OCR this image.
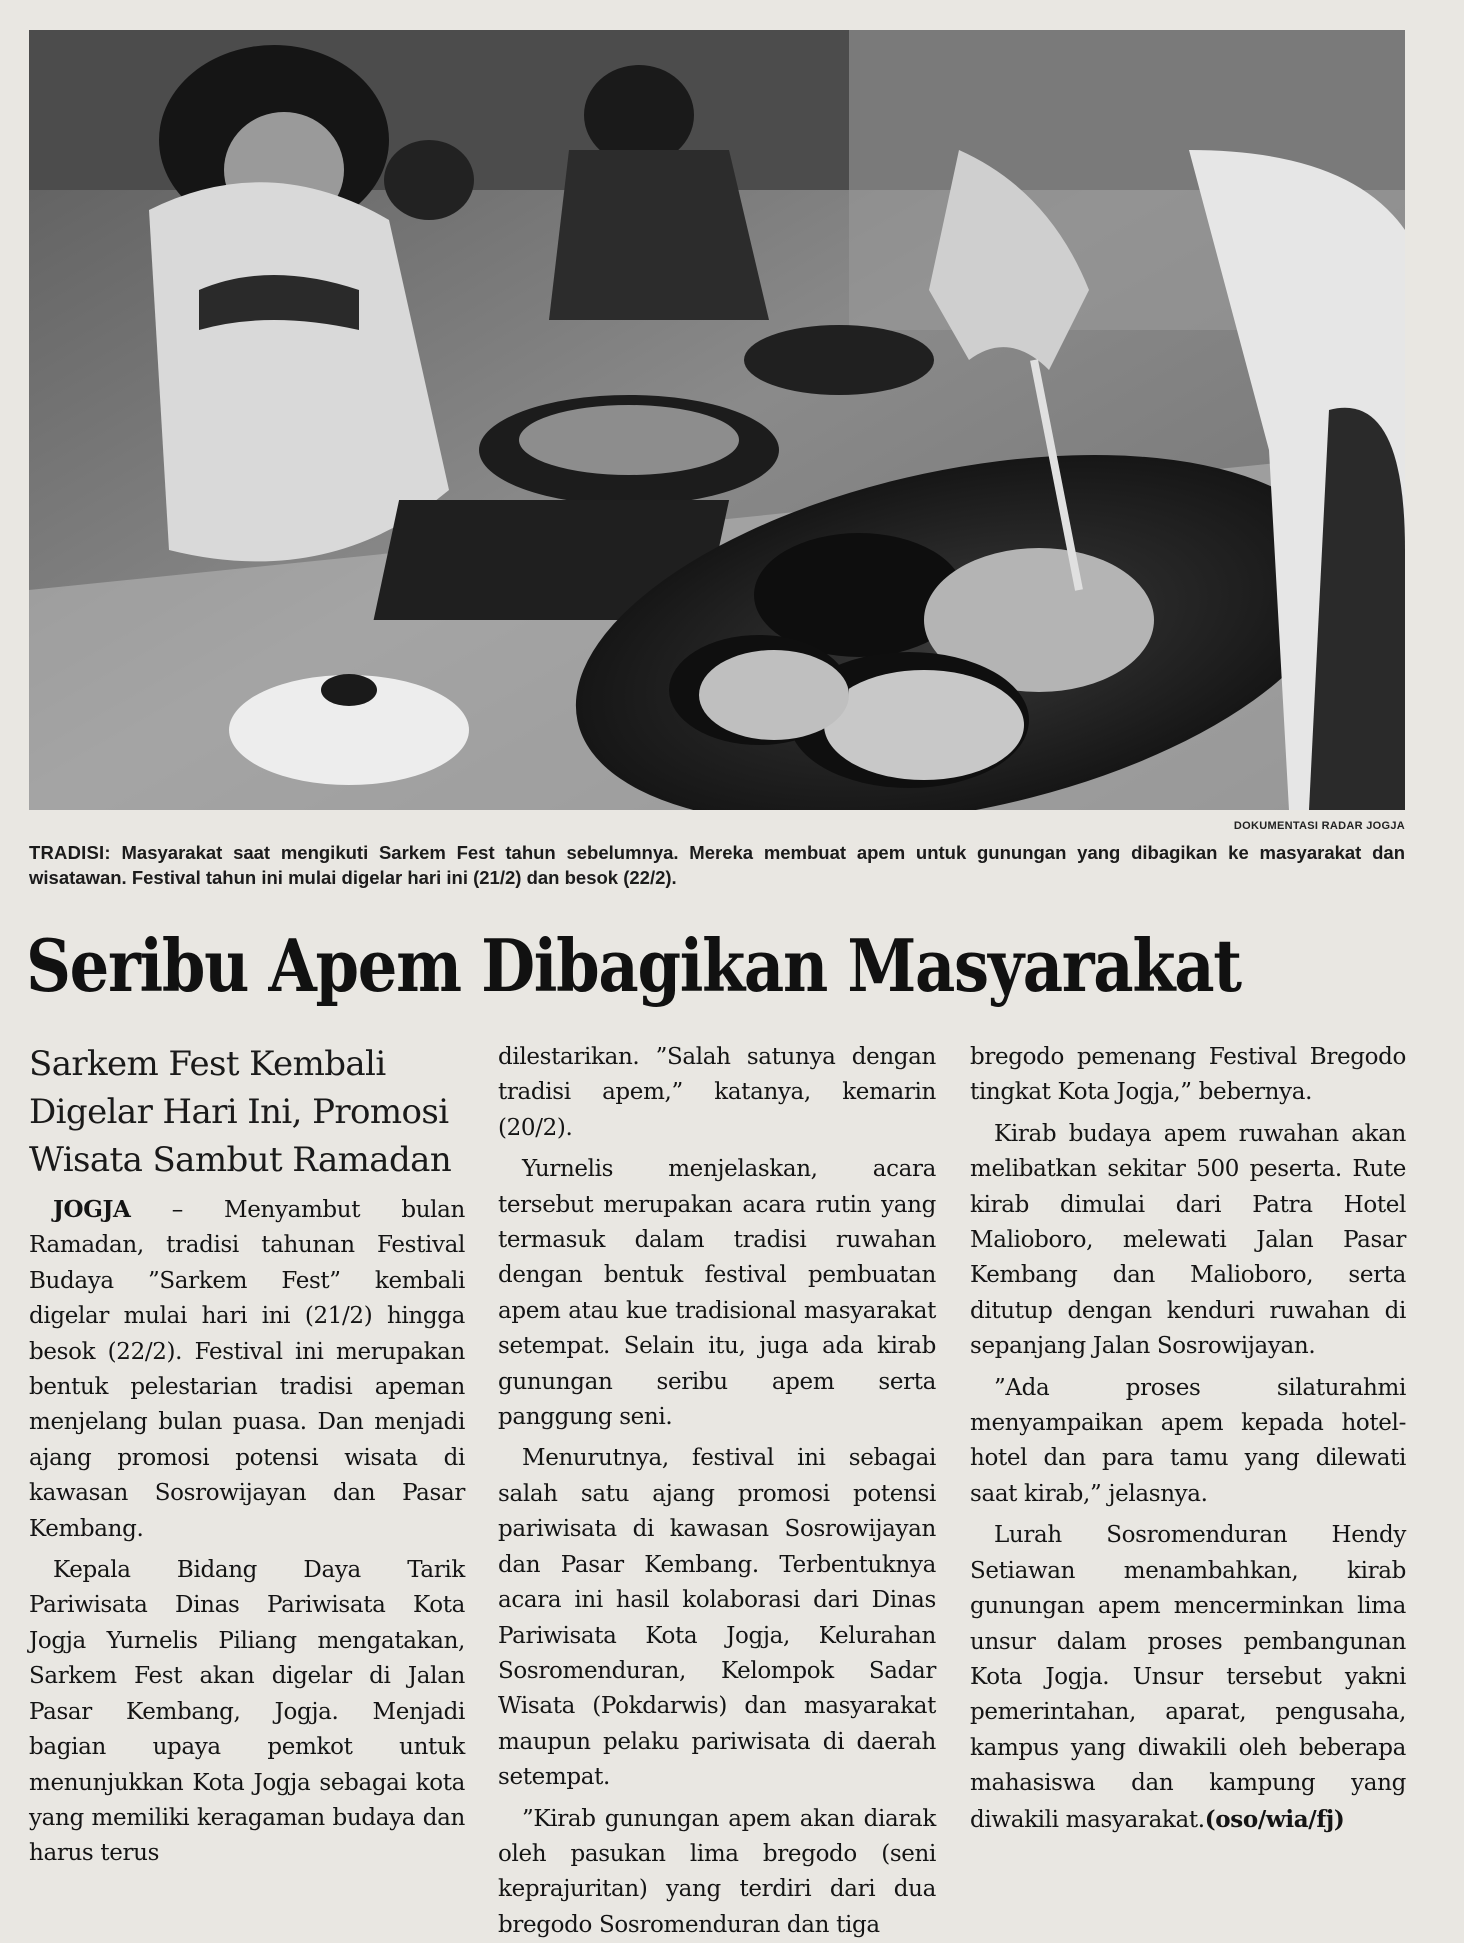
DOKUMENTASI RADAR JOGJA
TRADISI: Masyarakat saat mengikuti Sarkem Fest tahun sebelumnya. Mereka membuat apem untuk gunungan yang dibagikan ke masyarakat dan wisatawan. Festival tahun ini mulai digelar hari ini (21/2) dan besok (22/2).
Seribu Apem Dibagikan Masyarakat
Sarkem Fest Kembali Digelar Hari Ini, Promosi Wisata Sambut Ramadan

JOGJA – Menyambut bulan Ramadan, tradisi tahunan Festival Budaya ”Sarkem Fest” kembali digelar mulai hari ini (21/2) hingga besok (22/2). Festival ini merupakan bentuk pelestarian tradisi apeman menjelang bulan puasa. Dan menjadi ajang promosi potensi wisata di kawasan Sosrowijayan dan Pasar Kembang.

Kepala Bidang Daya Tarik Pariwisata Dinas Pariwisata Kota Jogja Yurnelis Piliang mengatakan, Sarkem Fest akan digelar di Jalan Pasar Kembang, Jogja. Menjadi bagian upaya pemkot untuk menunjukkan Kota Jogja sebagai kota yang memiliki keragaman budaya dan harus terus

dilestarikan. ”Salah satunya dengan tradisi apem,” katanya, kemarin (20/2).

Yurnelis menjelaskan, acara tersebut merupakan acara rutin yang termasuk dalam tradisi ruwahan dengan bentuk festival pembuatan apem atau kue tradisional masyarakat setempat. Selain itu, juga ada kirab gunungan seribu apem serta panggung seni.

Menurutnya, festival ini sebagai salah satu ajang promosi potensi pariwisata di kawasan Sosrowijayan dan Pasar Kembang. Terbentuknya acara ini hasil kolaborasi dari Dinas Pariwisata Kota Jogja, Kelurahan Sosromenduran, Kelompok Sadar Wisata (Pokdarwis) dan masyarakat maupun pelaku pariwisata di daerah setempat.

”Kirab gunungan apem akan diarak oleh pasukan lima bregodo (seni keprajuritan) yang terdiri dari dua bregodo Sosromenduran dan tiga

bregodo pemenang Festival Bregodo tingkat Kota Jogja,” bebernya.

Kirab budaya apem ruwahan akan melibatkan sekitar 500 peserta. Rute kirab dimulai dari Patra Hotel Malioboro, melewati Jalan Pasar Kembang dan Malioboro, serta ditutup dengan kenduri ruwahan di sepanjang Jalan Sosrowijayan.

”Ada proses silaturahmi menyampaikan apem kepada hotel-hotel dan para tamu yang dilewati saat kirab,” jelasnya.

Lurah Sosromenduran Hendy Setiawan menambahkan, kirab gunungan apem mencerminkan lima unsur dalam proses pembangunan Kota Jogja. Unsur tersebut yakni pemerintahan, aparat, pengusaha, kampus yang diwakili oleh beberapa mahasiswa dan kampung yang diwakili masyarakat.(oso/wia/fj)
